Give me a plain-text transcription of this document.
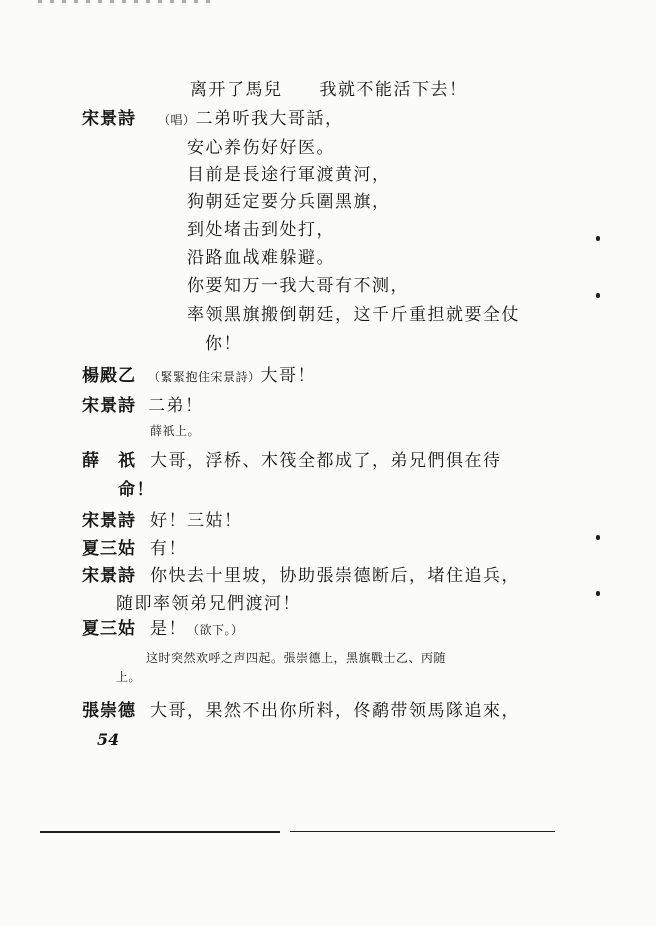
离开了馬兒　　我就不能活下去！
宋景詩 （唱）二弟听我大哥話，
安心养伤好好医。
目前是長途行軍渡黄河，
狗朝廷定要分兵圍黑旗，
到处堵击到处打，
沿路血战难躲避。
你要知万一我大哥有不测，
率领黑旗搬倒朝廷，这千斤重担就要全仗
你！
楊殿乙 （緊緊抱住宋景詩）大哥！
宋景詩 二弟！
薛祇上。
薛　祇 大哥，浮桥、木筏全都成了，弟兄們俱在待
命！
宋景詩 好！三姑！
夏三姑 有！
宋景詩 你快去十里坡，协助張崇德断后，堵住追兵，
随即率领弟兄們渡河！
夏三姑 是！（欲下。）
这时突然欢呼之声四起。張崇德上，黑旗戰士乙、丙随
上。
張崇德 大哥，果然不出你所料，佟鹬带领馬隊追來，
54
